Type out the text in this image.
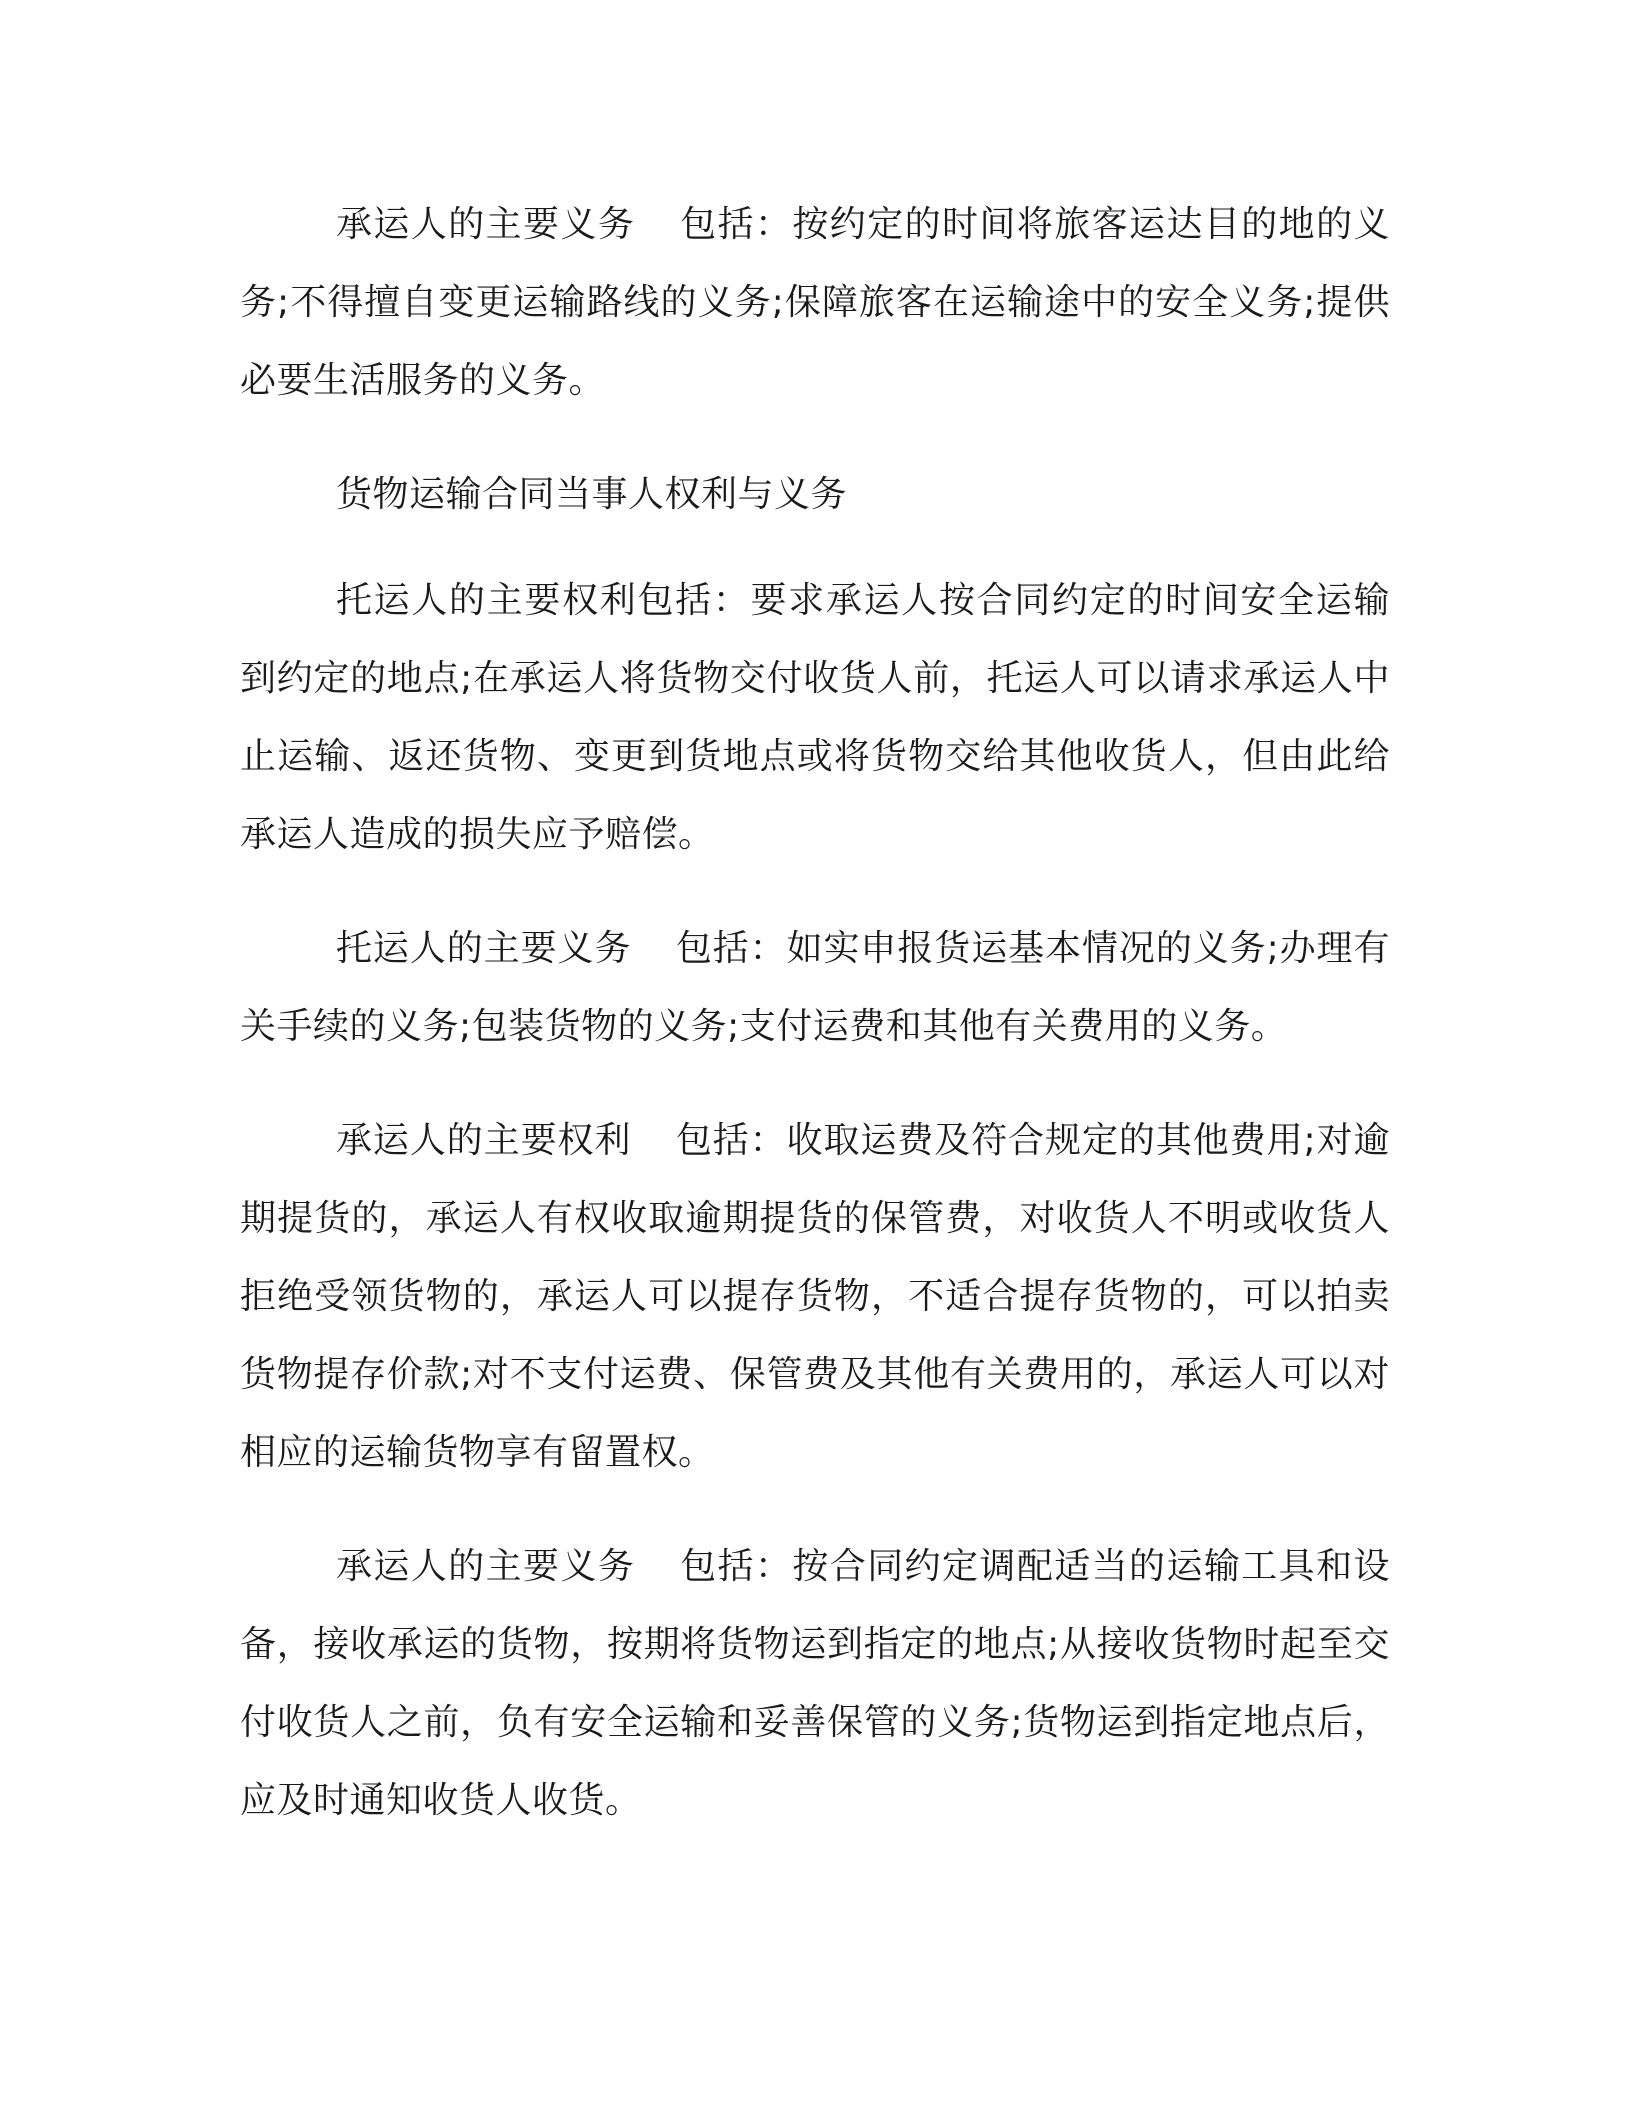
承运人的主要义务 包括：按约定的时间将旅客运达目的地的义务;不得擅自变更运输路线的义务;保障旅客在运输途中的安全义务;提供必要生活服务的义务。

货物运输合同当事人权利与义务

托运人的主要权利包括：要求承运人按合同约定的时间安全运输到约定的地点;在承运人将货物交付收货人前，托运人可以请求承运人中止运输、返还货物、变更到货地点或将货物交给其他收货人，但由此给承运人造成的损失应予赔偿。

托运人的主要义务 包括：如实申报货运基本情况的义务;办理有关手续的义务;包装货物的义务;支付运费和其他有关费用的义务。

承运人的主要权利 包括：收取运费及符合规定的其他费用;对逾期提货的，承运人有权收取逾期提货的保管费，对收货人不明或收货人拒绝受领货物的，承运人可以提存货物，不适合提存货物的，可以拍卖货物提存价款;对不支付运费、保管费及其他有关费用的，承运人可以对相应的运输货物享有留置权。

承运人的主要义务 包括：按合同约定调配适当的运输工具和设备，接收承运的货物，按期将货物运到指定的地点;从接收货物时起至交付收货人之前，负有安全运输和妥善保管的义务;货物运到指定地点后，应及时通知收货人收货。
